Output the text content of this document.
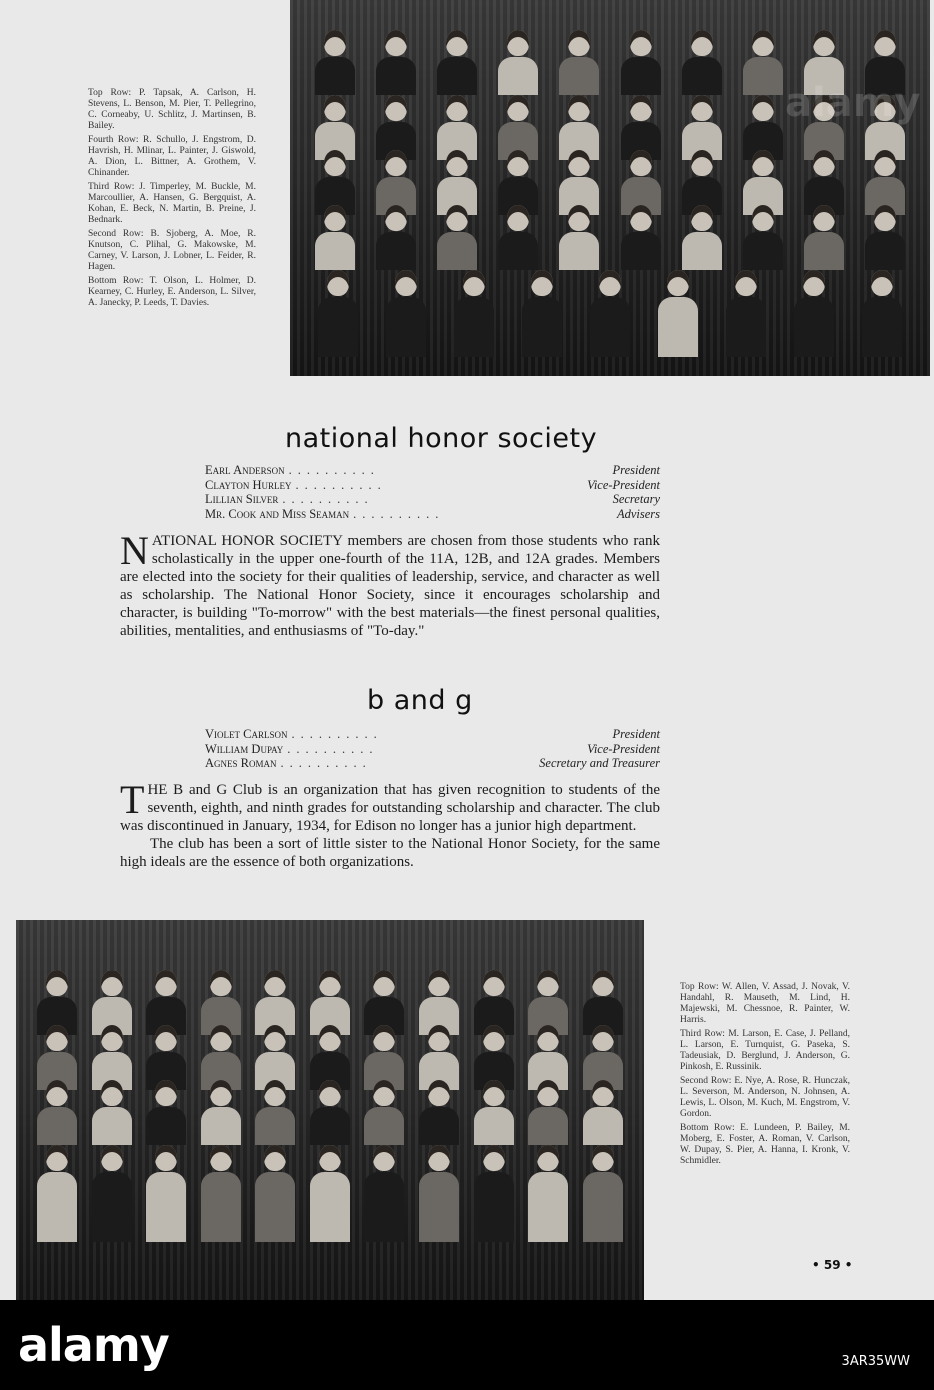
alamy

Top Row: P. Tapsak, A. Carlson, H. Stevens, L. Benson, M. Pier, T. Pellegrino, C. Corneaby, U. Schlitz, J. Martinsen, B. Bailey.

Fourth Row: R. Schullo, J. Engstrom, D. Havrish, H. Mlinar, L. Painter, J. Giswold, A. Dion, L. Bittner, A. Grothem, V. Chinander.

Third Row: J. Timperley, M. Buckle, M. Marcoullier, A. Hansen, G. Bergquist, A. Kohan, E. Beck, N. Martin, B. Preine, J. Bednark.

Second Row: B. Sjoberg, A. Moe, R. Knutson, C. Plihal, G. Makowske, M. Carney, V. Larson, J. Lobner, L. Feider, R. Hagen.

Bottom Row: T. Olson, L. Holmer, D. Kearney, C. Hurley, E. Anderson, L. Silver, A. Janecky, P. Leeds, T. Davies.

national honor society
Earl Anderson ..........	President
Clayton Hurley ..........	Vice-President
Lillian Silver ..........	Secretary
Mr. Cook and Miss Seaman ..........	Advisers
NATIONAL HONOR SOCIETY members are chosen from those students who rank scholastically in the upper one-fourth of the 11A, 12B, and 12A grades. Members are elected into the society for their qualities of leadership, service, and character as well as scholarship. The National Honor Society, since it encourages scholarship and character, is building "To-morrow" with the best materials—the finest personal qualities, abilities, mentalities, and enthusiasms of "To-day."
b and g
Violet Carlson ..........	President
William Dupay ..........	Vice-President
Agnes Roman ..........	Secretary and Treasurer

THE B and G Club is an organization that has given recognition to students of the seventh, eighth, and ninth grades for outstanding scholarship and character. The club was discontinued in January, 1934, for Edison no longer has a junior high department.

The club has been a sort of little sister to the National Honor Society, for the same high ideals are the essence of both organizations.

Top Row: W. Allen, V. Assad, J. Novak, V. Handahl, R. Mauseth, M. Lind, H. Majewski, M. Chessnoe, R. Painter, W. Harris.

Third Row: M. Larson, E. Case, J. Pelland, L. Larson, E. Turnquist, G. Paseka, S. Tadeusiak, D. Berglund, J. Anderson, G. Pinkosh, E. Russinik.

Second Row: E. Nye, A. Rose, R. Hunczak, L. Severson, M. Anderson, N. Johnsen, A. Lewis, L. Olson, M. Kuch, M. Engstrom, V. Gordon.

Bottom Row: E. Lundeen, P. Bailey, M. Moberg, E. Foster, A. Roman, V. Carlson, W. Dupay, S. Pier, A. Hanna, I. Kronk, V. Schmidler.

• 59 •
alamy	3AR35WW
